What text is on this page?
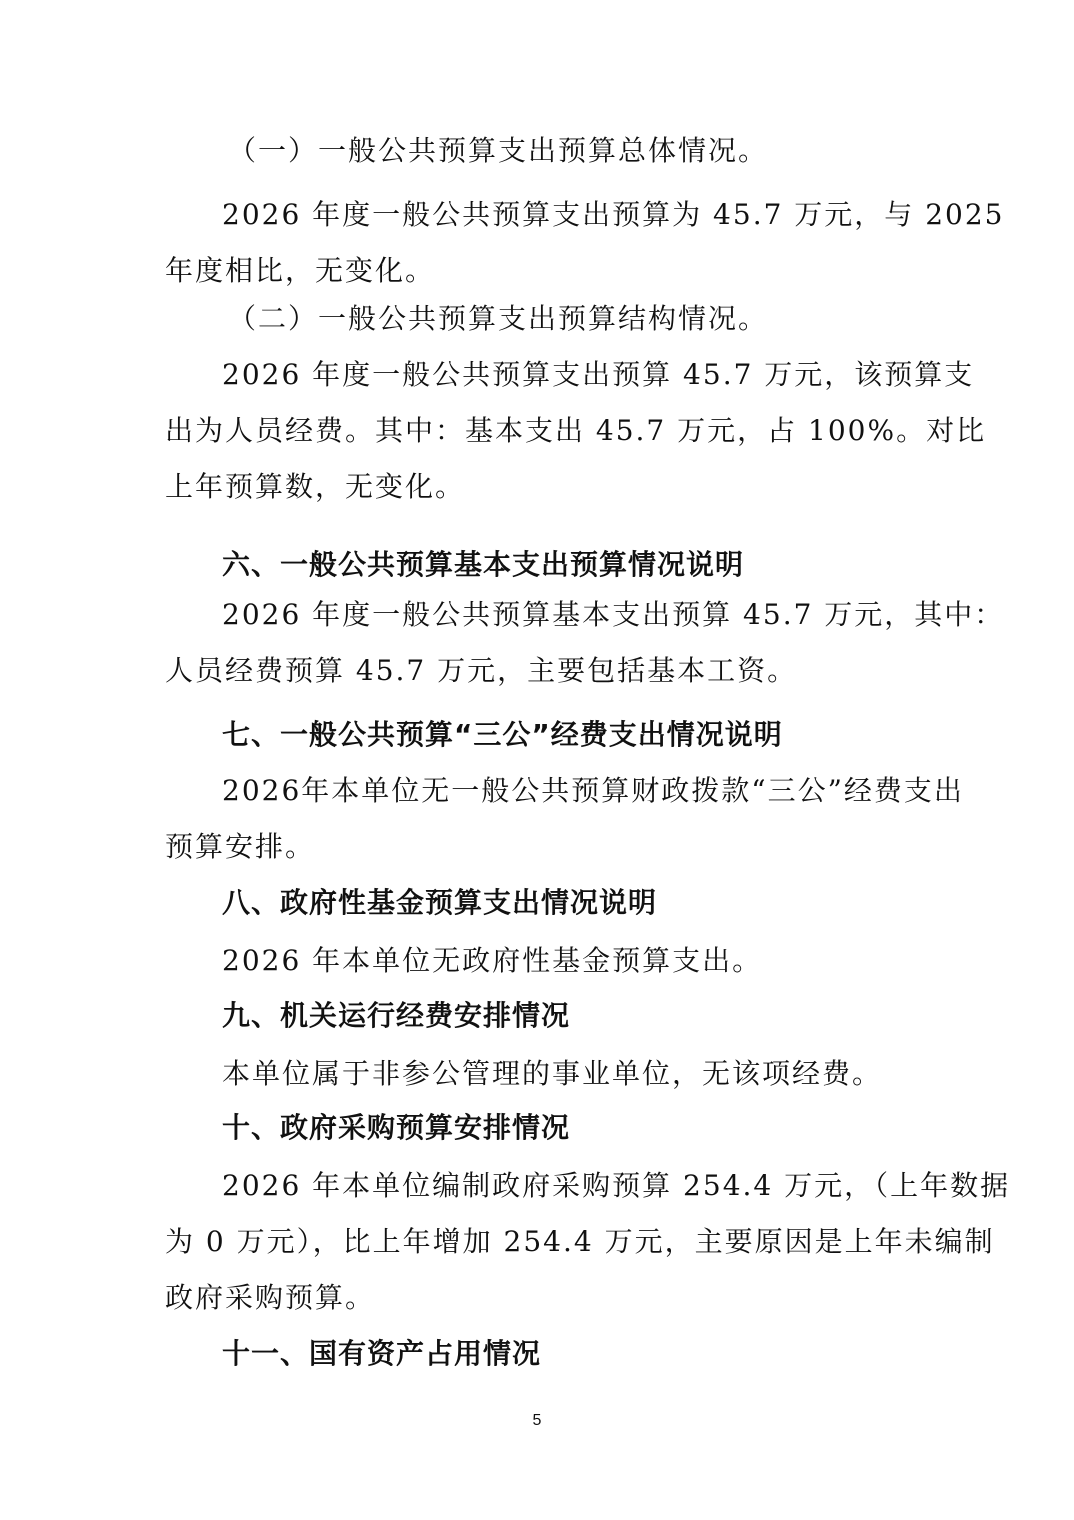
（一）一般公共预算支出预算总体情况。
2026 年度一般公共预算支出预算为 45.7 万元，与 2025
年度相比，无变化。
（二）一般公共预算支出预算结构情况。
2026 年度一般公共预算支出预算 45.7 万元，该预算支
出为人员经费。其中：基本支出 45.7 万元，占 100%。对比
上年预算数，无变化。
六、一般公共预算基本支出预算情况说明
2026 年度一般公共预算基本支出预算 45.7 万元，其中：
人员经费预算 45.7 万元，主要包括基本工资。
七、一般公共预算“三公”经费支出情况说明
2026年本单位无一般公共预算财政拨款“三公”经费支出
预算安排。
八、政府性基金预算支出情况说明
2026 年本单位无政府性基金预算支出。
九、机关运行经费安排情况
本单位属于非参公管理的事业单位，无该项经费。
十、政府采购预算安排情况
2026 年本单位编制政府采购预算 254.4 万元，（上年数据
为 0 万元），比上年增加 254.4 万元，主要原因是上年未编制
政府采购预算。
十一、国有资产占用情况
5
